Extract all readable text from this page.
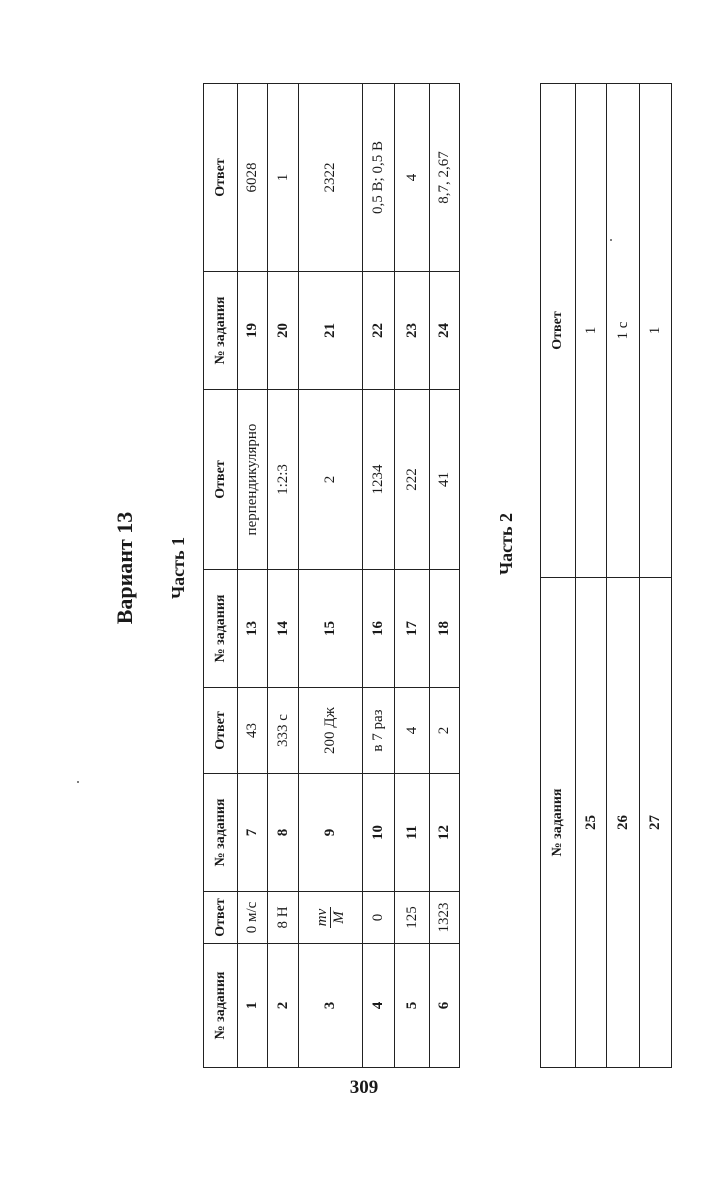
Вариант 13 Часть 1
№ задания	Ответ	№ задания	Ответ	№ задания	Ответ	№ задания	Ответ
1	0 м/с	7	43	13	перпендикулярно	19	6028
2	8 Н	8	333 с	14	1:2:3	20	1
3	mv M	9	200 Дж	15	2	21	2322
4	0	10	в 7 раз	16	1234	22	0,5 В; 0,5 В
5	125	11	4	17	222	23	4
6	1323	12	2	18	41	24	8,7, 2,67
Часть 2
№ задания	Ответ
25	1
26	1 с
27	1
309
